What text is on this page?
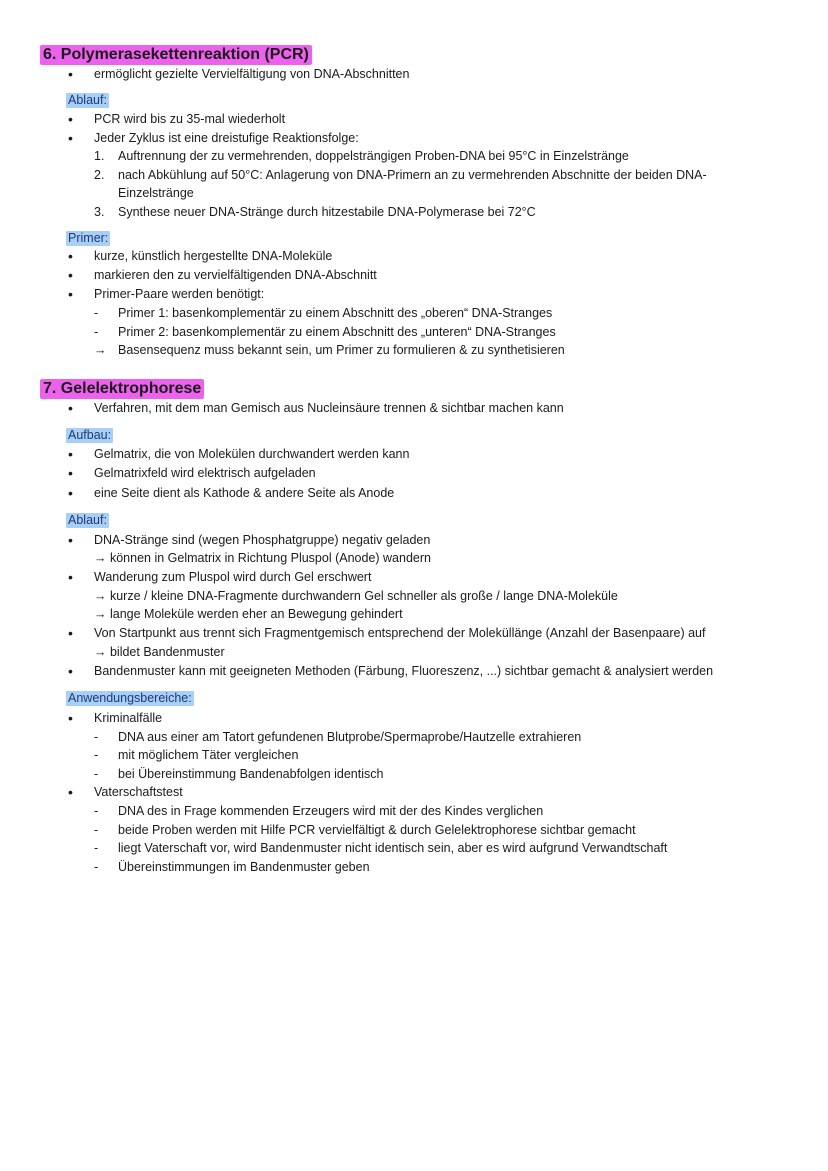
6. Polymerasekettenreaktion (PCR)
• ermöglicht gezielte Vervielfältigung von DNA-Abschnitten
Ablauf:
• PCR wird bis zu 35-mal wiederholt
• Jeder Zyklus ist eine dreistufige Reaktionsfolge:
1. Auftrennung der zu vermehrenden, doppelsträngigen Proben-DNA bei 95°C in Einzelstränge
2. nach Abkühlung auf 50°C: Anlagerung von DNA-Primern an zu vermehrenden Abschnitte der beiden DNA-
Einzelstränge
3. Synthese neuer DNA-Stränge durch hitzestabile DNA-Polymerase bei 72°C
Primer:
• kurze, künstlich hergestellte DNA-Moleküle
• markieren den zu vervielfältigenden DNA-Abschnitt
• Primer-Paare werden benötigt:
- Primer 1: basenkomplementär zu einem Abschnitt des „oberen“ DNA-Stranges
- Primer 2: basenkomplementär zu einem Abschnitt des „unteren“ DNA-Stranges
→ Basensequenz muss bekannt sein, um Primer zu formulieren & zu synthetisieren
7. Gelelektrophorese
• Verfahren, mit dem man Gemisch aus Nucleinsäure trennen & sichtbar machen kann
Aufbau:
• Gelmatrix, die von Molekülen durchwandert werden kann
• Gelmatrixfeld wird elektrisch aufgeladen
• eine Seite dient als Kathode & andere Seite als Anode
Ablauf:
• DNA-Stränge sind (wegen Phosphatgruppe) negativ geladen
→ können in Gelmatrix in Richtung Pluspol (Anode) wandern
• Wanderung zum Pluspol wird durch Gel erschwert
→ kurze / kleine DNA-Fragmente durchwandern Gel schneller als große / lange DNA-Moleküle
→ lange Moleküle werden eher an Bewegung gehindert
• Von Startpunkt aus trennt sich Fragmentgemisch entsprechend der Moleküllänge (Anzahl der Basenpaare) auf
→ bildet Bandenmuster
• Bandenmuster kann mit geeigneten Methoden (Färbung, Fluoreszenz, ...) sichtbar gemacht & analysiert werden
Anwendungsbereiche:
• Kriminalfälle
- DNA aus einer am Tatort gefundenen Blutprobe/Spermaprobe/Hautzelle extrahieren
- mit möglichem Täter vergleichen
- bei Übereinstimmung Bandenabfolgen identisch
• Vaterschaftstest
- DNA des in Frage kommenden Erzeugers wird mit der des Kindes verglichen
- beide Proben werden mit Hilfe PCR vervielfältigt & durch Gelelektrophorese sichtbar gemacht
- liegt Vaterschaft vor, wird Bandenmuster nicht identisch sein, aber es wird aufgrund Verwandtschaft
- Übereinstimmungen im Bandenmuster geben
